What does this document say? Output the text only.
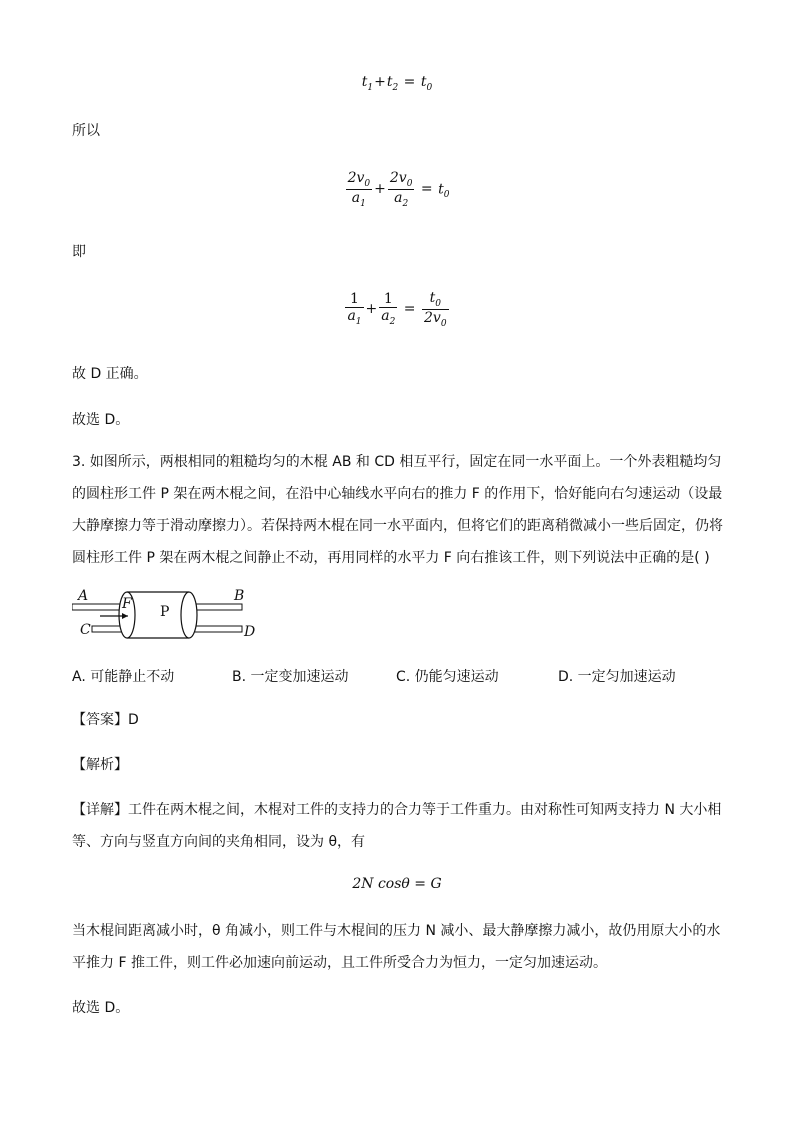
$t_1+t_2 = t_0$
所以
$\frac{2v_0}{a_1} + \frac{2v_0}{a_2} = t_0$
即
$\frac{1}{a_1} + \frac{1}{a_2} = \frac{t_0}{2v_0}$
故 D 正确。
故选 D。
3. 如图所示，两根相同的粗糙均匀的木棍 AB 和 CD 相互平行，固定在同一水平面上。一个外表粗糙均匀
的圆柱形工件 P 架在两木棍之间，在沿中心轴线水平向右的推力 F 的作用下，恰好能向右匀速运动（设最
大静摩擦力等于滑动摩擦力）。若保持两木棍在同一水平面内，但将它们的距离稍微减小一些后固定，仍将
圆柱形工件 P 架在两木棍之间静止不动，再用同样的水平力 F 向右推该工件，则下列说法中正确的是( )
A	B
C	D
F P
A. 可能静止不动	B. 一定变加速运动	C. 仍能匀速运动	D. 一定匀加速运动
【答案】D
【解析】
【详解】工件在两木棍之间，木棍对工件的支持力的合力等于工件重力。由对称性可知两支持力 N 大小相
等、方向与竖直方向间的夹角相同，设为 θ，有
2N cosθ = G
当木棍间距离减小时，θ 角减小，则工件与木棍间的压力 N 减小、最大静摩擦力减小，故仍用原大小的水
平推力 F 推工件，则工件必加速向前运动，且工件所受合力为恒力，一定匀加速运动。
故选 D。
